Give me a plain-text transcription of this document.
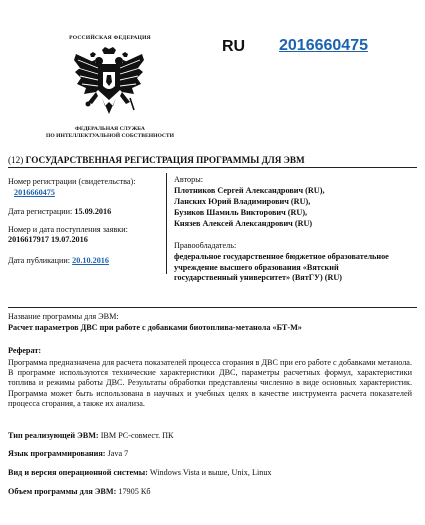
РОССИЙСКАЯ ФЕДЕРАЦИЯ
ФЕДЕРАЛЬНАЯ СЛУЖБА
ПО ИНТЕЛЛЕКТУАЛЬНОЙ СОБСТВЕННОСТИ
RU 2016660475
(12) ГОСУДАРСТВЕННАЯ РЕГИСТРАЦИЯ ПРОГРАММЫ ДЛЯ ЭВМ
Номер регистрации (свидетельства):
2016660475
Дата регистрации: 15.09.2016
Номер и дата поступления заявки:
2016617917 19.07.2016
Дата публикации: 20.10.2016
Авторы:
Плотников Сергей Александрович (RU),
Ланских Юрий Владимирович (RU),
Бузиков Шамиль Викторович (RU),
Князев Алексей Александрович (RU)
Правообладатель:
федеральное государственное бюджетное образовательное учреждение высшего образования «Вятский государственный университет» (ВятГУ) (RU)
Название программы для ЭВМ:
Расчет параметров ДВС при работе с добавками биотоплива-метанола «БТ-М»
Реферат:

Программа предназначена для расчета показателей процесса сгорания в ДВС при его работе с добавками метанола. В программе используются технические характеристики ДВС, параметры расчетных формул, характеристики топлива и режимы работы ДВС. Результаты обработки представлены численно в виде основных характеристик. Программа может быть использована в научных и учебных целях в качестве инструмента расчета показателей процесса сгорания, а также их анализа.

Тип реализующей ЭВМ: IBM PC-совмест. ПК
Язык программирования: Java 7
Вид и версия операционной системы: Windows Vista и выше, Unix, Linux
Объем программы для ЭВМ: 17905 Кб
